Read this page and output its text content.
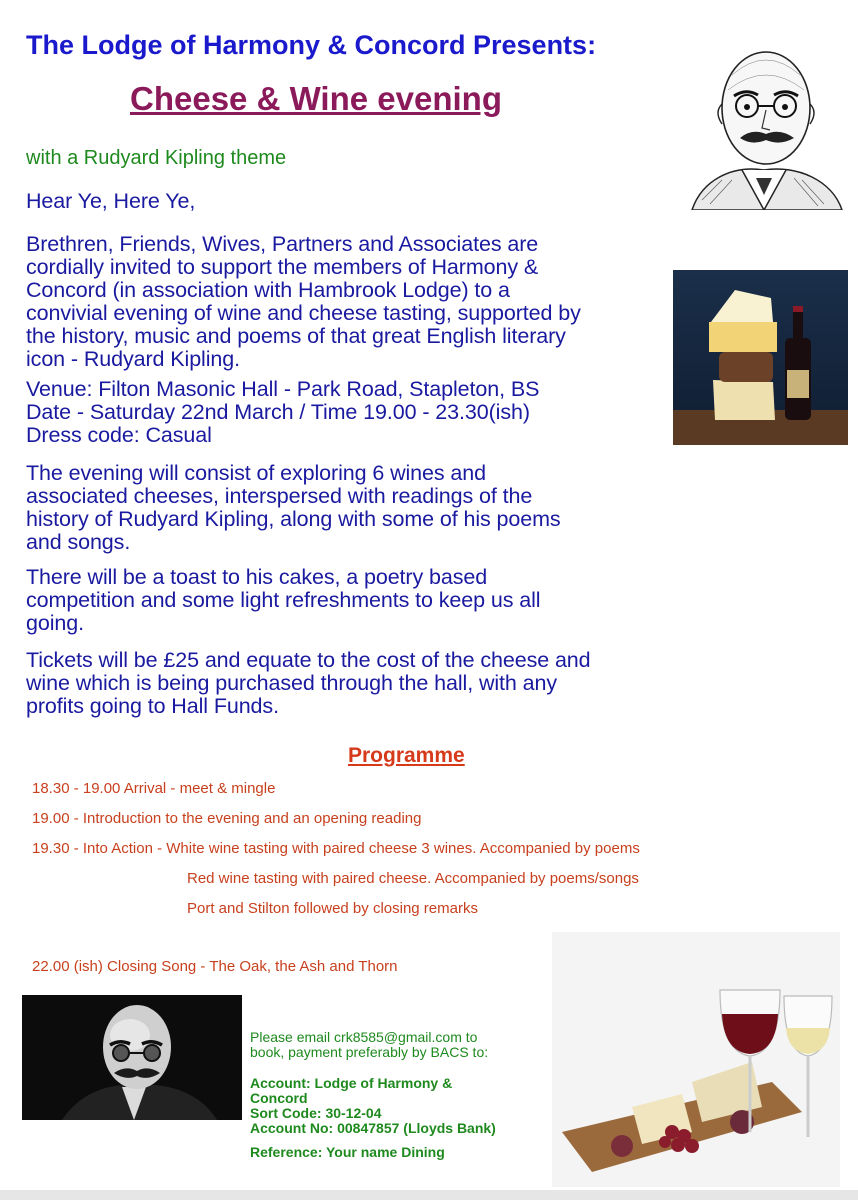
The Lodge of Harmony & Concord Presents:
Cheese & Wine evening
with a Rudyard Kipling theme
Hear Ye, Here Ye,
Brethren, Friends, Wives, Partners and Associates are
cordially invited to support the members of Harmony &
Concord (in association with Hambrook Lodge) to a
convivial evening of wine and cheese tasting, supported by
the history, music and poems of that great English literary
icon - Rudyard Kipling.
Venue: Filton Masonic Hall - Park Road, Stapleton, BS
Date - Saturday 22nd March / Time 19.00 - 23.30(ish)
Dress code: Casual
The evening will consist of exploring 6 wines and
associated cheeses, interspersed with readings of the
history of Rudyard Kipling, along with some of his poems
and songs.
There will be a toast to his cakes, a poetry based
competition and some light refreshments to keep us all
going.
Tickets will be £25 and equate to the cost of the cheese and
wine which is being purchased through the hall, with any
profits going to Hall Funds.
Programme
18.30 - 19.00 Arrival - meet & mingle
19.00 - Introduction to the evening and an opening reading
19.30 - Into Action - White wine tasting with paired cheese 3 wines. Accompanied by poems
Red wine tasting with paired cheese. Accompanied by poems/songs
Port and Stilton followed by closing remarks
22.00 (ish) Closing Song - The Oak, the Ash and Thorn
Please email crk8585@gmail.com to
book, payment preferably by BACS to:
Account: Lodge of Harmony &
Concord
Sort Code: 30-12-04
Account No: 00847857 (Lloyds Bank)
Reference: Your name Dining
